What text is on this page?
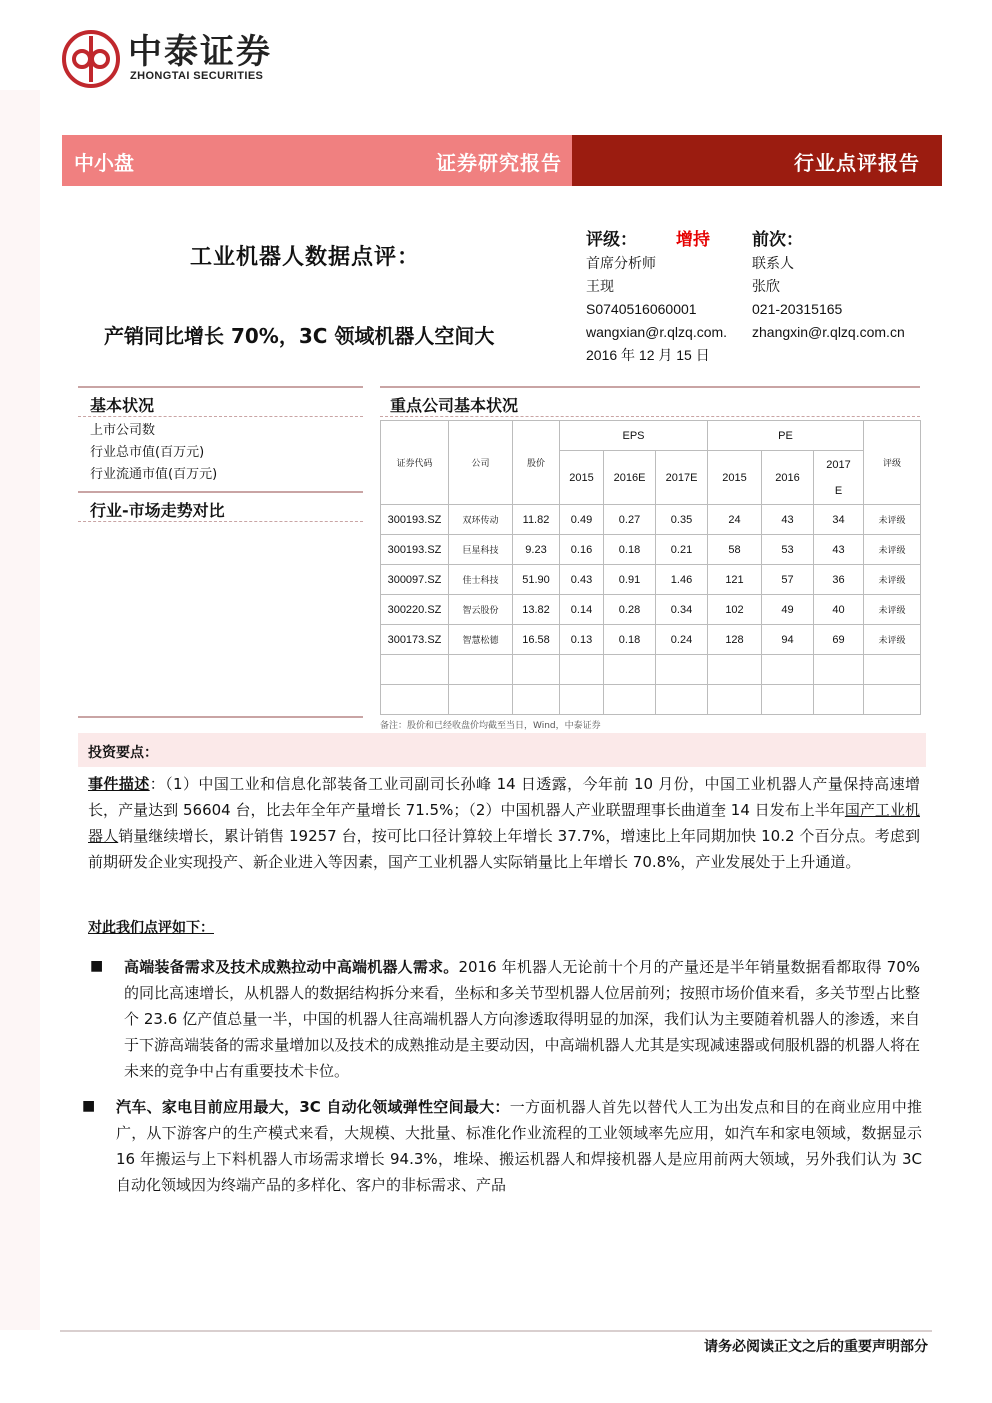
中泰证券
ZHONGTAI SECURITIES
中小盘	证券研究报告	行业点评报告
工业机器人数据点评：
产销同比增长 70%，3C 领域机器人空间大
评级： 增持 前次：
首席分析师
王现
S0740516060001
wangxian@r.qlzq.com.
2016 年 12 月 15 日
联系人
张欣
021-20315165
zhangxin@r.qlzq.com.cn
基本状况
上市公司数
行业总市值(百万元)
行业流通市值(百万元)
行业-市场走势对比
重点公司基本状况
证券代码	公司	股价	EPS			PE			评级
			2015	2016E	2017E	2015	2016	2017
E	
300193.SZ	双环传动	11.82	0.49	0.27	0.35	24	43	34	未评级
300193.SZ	巨星科技	9.23	0.16	0.18	0.21	58	53	43	未评级
300097.SZ	佳士科技	51.90	0.43	0.91	1.46	121	57	36	未评级
300220.SZ	智云股份	13.82	0.14	0.28	0.34	102	49	40	未评级
300173.SZ	智慧松德	16.58	0.13	0.18	0.24	128	94	69	未评级

备注：股价和已经收盘价均截至当日，Wind，中泰证券
投资要点：
事件描述：（1）中国工业和信息化部装备工业司副司长孙峰 14 日透露，今年前 10 月份，中国工业机器人产量保持高速增长，产量达到 56604 台，比去年全年产量增长 71.5%；（2）中国机器人产业联盟理事长曲道奎 14 日发布上半年国产工业机器人销量继续增长，累计销售 19257 台，按可比口径计算较上年增长 37.7%，增速比上年同期加快 10.2 个百分点。考虑到前期研发企业实现投产、新企业进入等因素，国产工业机器人实际销量比上年增长 70.8%，产业发展处于上升通道。
对此我们点评如下：
■ 高端装备需求及技术成熟拉动中高端机器人需求。2016 年机器人无论前十个月的产量还是半年销量数据看都取得 70%的同比高速增长，从机器人的数据结构拆分来看，坐标和多关节型机器人位居前列；按照市场价值来看，多关节型占比整个 23.6 亿产值总量一半，中国的机器人往高端机器人方向渗透取得明显的加深，我们认为主要随着机器人的渗透，来自于下游高端装备的需求量增加以及技术的成熟推动是主要动因，中高端机器人尤其是实现减速器或伺服机器的机器人将在未来的竞争中占有重要技术卡位。
■ 汽车、家电目前应用最大，3C 自动化领域弹性空间最大：一方面机器人首先以替代人工为出发点和目的在商业应用中推广，从下游客户的生产模式来看，大规模、大批量、标准化作业流程的工业领域率先应用，如汽车和家电领域，数据显示 16 年搬运与上下料机器人市场需求增长 94.3%，堆垛、搬运机器人和焊接机器人是应用前两大领域，另外我们认为 3C 自动化领域因为终端产品的多样化、客户的非标需求、产品
请务必阅读正文之后的重要声明部分
